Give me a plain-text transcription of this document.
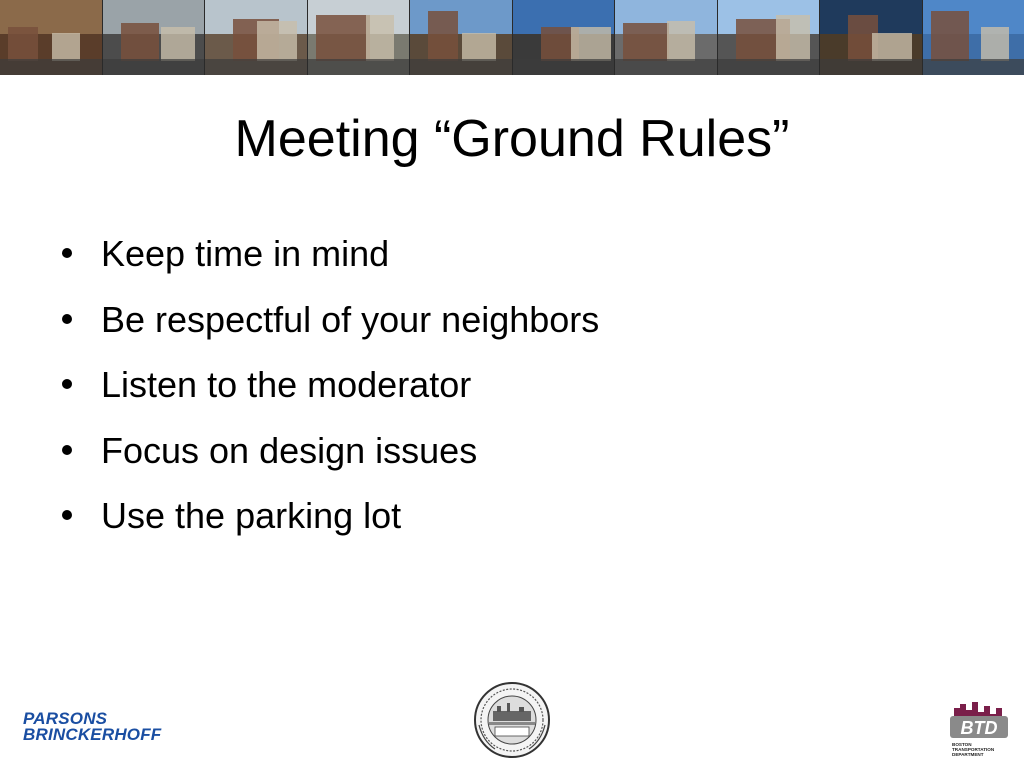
Meeting “Ground Rules”
Keep time in mind
Be respectful of your neighbors
Listen to the moderator
Focus on design issues
Use the parking lot
PARSONS
BRINCKERHOFF	BTD
BOSTON
TRANSPORTATION
DEPARTMENT
